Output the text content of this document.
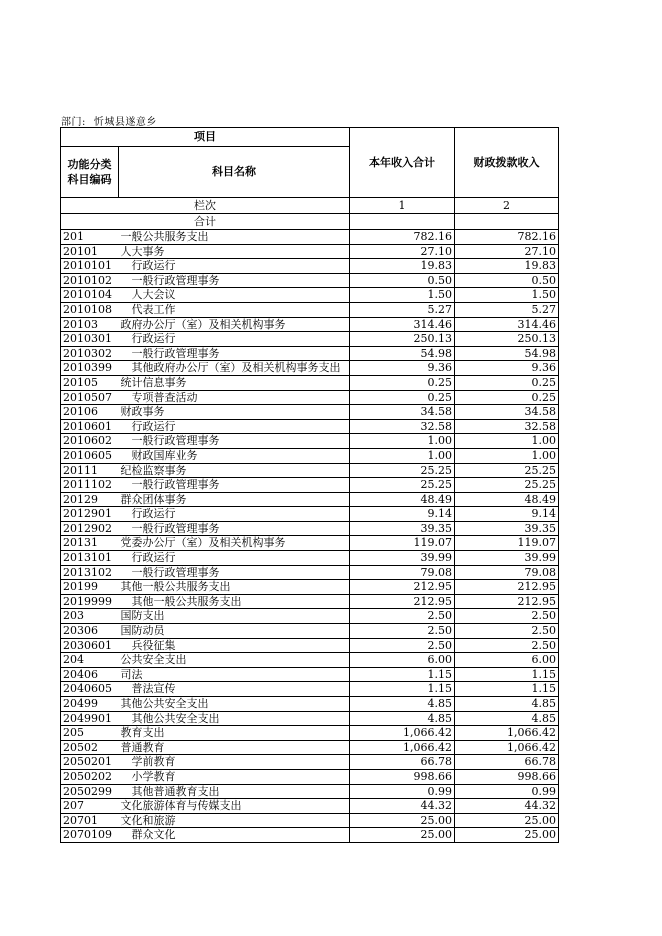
部门: 忻城县遂意乡
项目		本年收入合计	财政拨款收入
功能分类科目编码	科目名称		
栏次		1	2
合计			
201	一般公共服务支出	782.16	782.16
20101	人大事务	27.10	27.10
2010101	行政运行	19.83	19.83
2010102	一般行政管理事务	0.50	0.50
2010104	人大会议	1.50	1.50
2010108	代表工作	5.27	5.27
20103	政府办公厅（室）及相关机构事务	314.46	314.46
2010301	行政运行	250.13	250.13
2010302	一般行政管理事务	54.98	54.98
2010399	其他政府办公厅（室）及相关机构事务支出	9.36	9.36
20105	统计信息事务	0.25	0.25
2010507	专项普查活动	0.25	0.25
20106	财政事务	34.58	34.58
2010601	行政运行	32.58	32.58
2010602	一般行政管理事务	1.00	1.00
2010605	财政国库业务	1.00	1.00
20111	纪检监察事务	25.25	25.25
2011102	一般行政管理事务	25.25	25.25
20129	群众团体事务	48.49	48.49
2012901	行政运行	9.14	9.14
2012902	一般行政管理事务	39.35	39.35
20131	党委办公厅（室）及相关机构事务	119.07	119.07
2013101	行政运行	39.99	39.99
2013102	一般行政管理事务	79.08	79.08
20199	其他一般公共服务支出	212.95	212.95
2019999	其他一般公共服务支出	212.95	212.95
203	国防支出	2.50	2.50
20306	国防动员	2.50	2.50
2030601	兵役征集	2.50	2.50
204	公共安全支出	6.00	6.00
20406	司法	1.15	1.15
2040605	普法宣传	1.15	1.15
20499	其他公共安全支出	4.85	4.85
2049901	其他公共安全支出	4.85	4.85
205	教育支出	1,066.42	1,066.42
20502	普通教育	1,066.42	1,066.42
2050201	学前教育	66.78	66.78
2050202	小学教育	998.66	998.66
2050299	其他普通教育支出	0.99	0.99
207	文化旅游体育与传媒支出	44.32	44.32
20701	文化和旅游	25.00	25.00
2070109	群众文化	25.00	25.00
